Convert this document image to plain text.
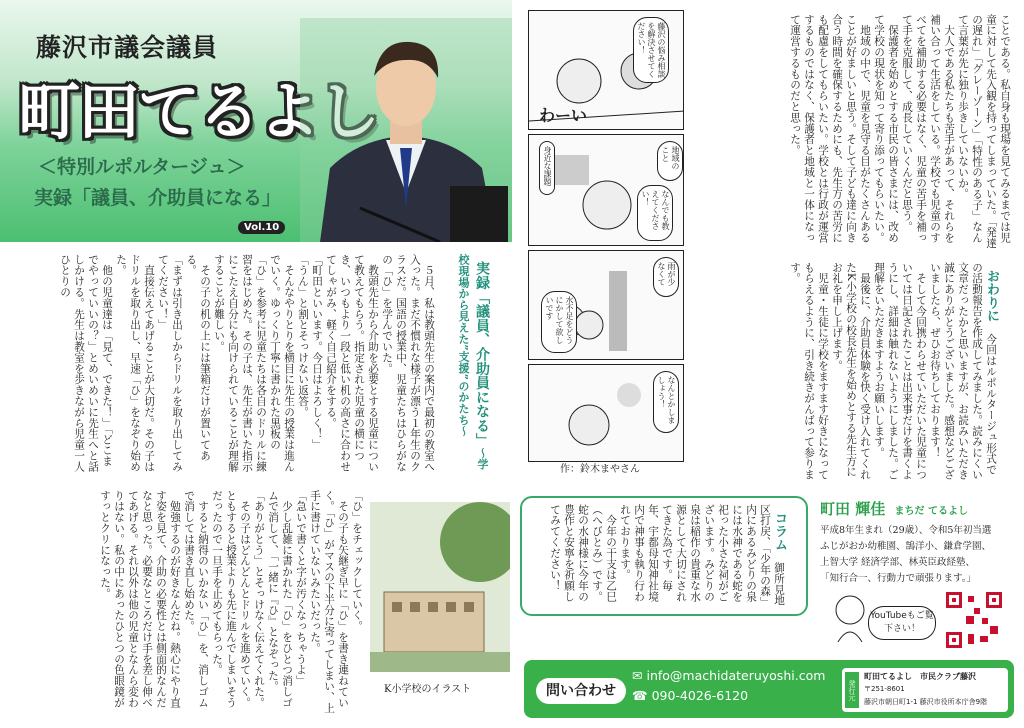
藤沢市議会議員
町田てるよし
＜特別ルポルタージュ＞
実録「議員、介助員になる」
Vol.10	ことである。私自身も現場を見てみるまでは児童に対して先入観を持ってしまっていた。「発達の遅れ」「グレーゾーン」「特性のある子」なんて言葉が先に独り歩きしていないか。
　大人である私たちも苦手があって、それらを補い合って生活をしている。学校でも児童のすべてを補助する必要はなく、児童の苦手を補って手を克服して、成長していくんだと思う。
　保護者を始めとする市民の皆さまには、改めて学校の現状を知って寄り添ってもらいたい。
　地域の中で、児童を見守る目がたくさんあることが好ましいと思う。そして子ども達に向き合う時間を確保するためにも、先生方の苦労にも配慮をしてもらいたい。学校とは行政が運営するものではなく、保護者と地域と一体になって運営するものだと思った。
藤沢の悩み相談を解決させてください！
わーい
身近な課題	地域のこと
なんでも教えてください！
雨が少なくて
水不足をどうにかして欲しいです
なんとかしましょう！
作：鈴木まやさん

おわりに　今回はルポルタージュ形式での活動報告を作成してみました。読みにくい文章だったかと思いますが、お読みいただき誠にありがとうございました。感想などございましたら、ぜひお待ちしております！
　そして今回携わらせていただいた児童については日記されたことは出来事だけを書くようにし、詳細は触れないようにしました。ご理解をいただきますようお願いします。
　最後に、介助員体験を快く受け入れてくれたK小学校の校長先生を始めとする先生方にお礼を申し上げます。
　児童・生徒に学校をますます好きになってもらえるように、引き続きがんばって参ります。

実録「議員、介助員になる」〜学校現場から見えた”支援”のかたち〜

　５月、私は教頭先生の案内で最初の教室へ入った。まだ不慣れな様子が漂う１年生のクラスだ。国語の授業中、児童たちはひらがなの「ひ」を学んでいた。
　教頭先生から介助を必要とする児童について教えてもらう。指定された児童の横につき、いつもより一段と低い机の高さに合わせてしゃがみ、軽く自己紹介をする。
「町田といいます。今日はよろしく！」
「うん」と割とそっけない返答。
　そんなやりとりを横目に先生の授業は進んでいく。ゆっくり丁寧に書かれた黒板の「ひ」を参考に児童たちは各自のドリルに練習をはじめた。その子は、先生が書いた指示にこたえ自分にも向けられていることが理解することが難しい。
　その子の机の上には筆箱だけが置いてある。
「まずは引き出しからドリルを取り出してみてください！」
　直接伝えてあげることが大切だ。その子はドリルを取り出し、早速「ひ」をなぞり始めた。
　他の児童達は「見て、できた！」「どこまでやっていいの？」とめいめいに先生へと話しかける。先生は教室を歩きながら児童一人ひとりの
「ひ」をチェックしていく。
　その子も矢継ぎ早に「ひ」を書き連ねていく。「ひ」がマスの下半分に寄ってしまい、上手に書けていないみたいだった。
「急いで書くと字が汚くなっちゃうよ」
　少し乱雑に書かれた「ひ」をひとつ消しゴムで消して、「一緒に『ひ』となぞった。
「ありがとう」とそっけなく伝えてくれた。
　その子はどんどんとドリルを進めていく。ともすると授業よりも先に進んでしまいそうだったので一旦手を止めてもらった。
　すると納得のいかない「ひ」を、消しゴムで消しては書き直し始めた。
　勉強するのが好きなんだね。熱心にやり直す姿を見て、介助の必要性とは側面的なんだなと思った。必要なところだけ手を差し伸べてあげる。それ以外は他の児童となんら変わりはない。私の中にあったひとつの色眼鏡がすっとクリになった。
K小学校のイラスト

コラム　御所見地区打戻、「少年の森」内にあるみどりの泉には水神である蛇を祀った小さな祠がございます。みどりの泉は稲作の貴重な水源として大切にされてきた為です。毎年、宇都母知神社境内で神事も執り行われております。
　今年の干支は乙巳（へびとみ）です。蛇の水神様に今年の豊作と安寧を祈願してみてください！	町田 輝佳 まちだ てるよし
平成8年生まれ（29歳）、令和5年初当選
ふじがおか幼稚園、鵠洋小、鎌倉学園、
上智大学 経済学部、林英臣政経塾、
「知行合一、行動力で頑張ります。」
YouTubeもご覧下さい！
問い合わせ
✉ info@machidateruyoshi.com
☎ 090-4026-6120	発行元
町田てるよし　市民クラブ藤沢
〒251-8601
藤沢市朝日町1-1 藤沢市役所本庁舎9階
